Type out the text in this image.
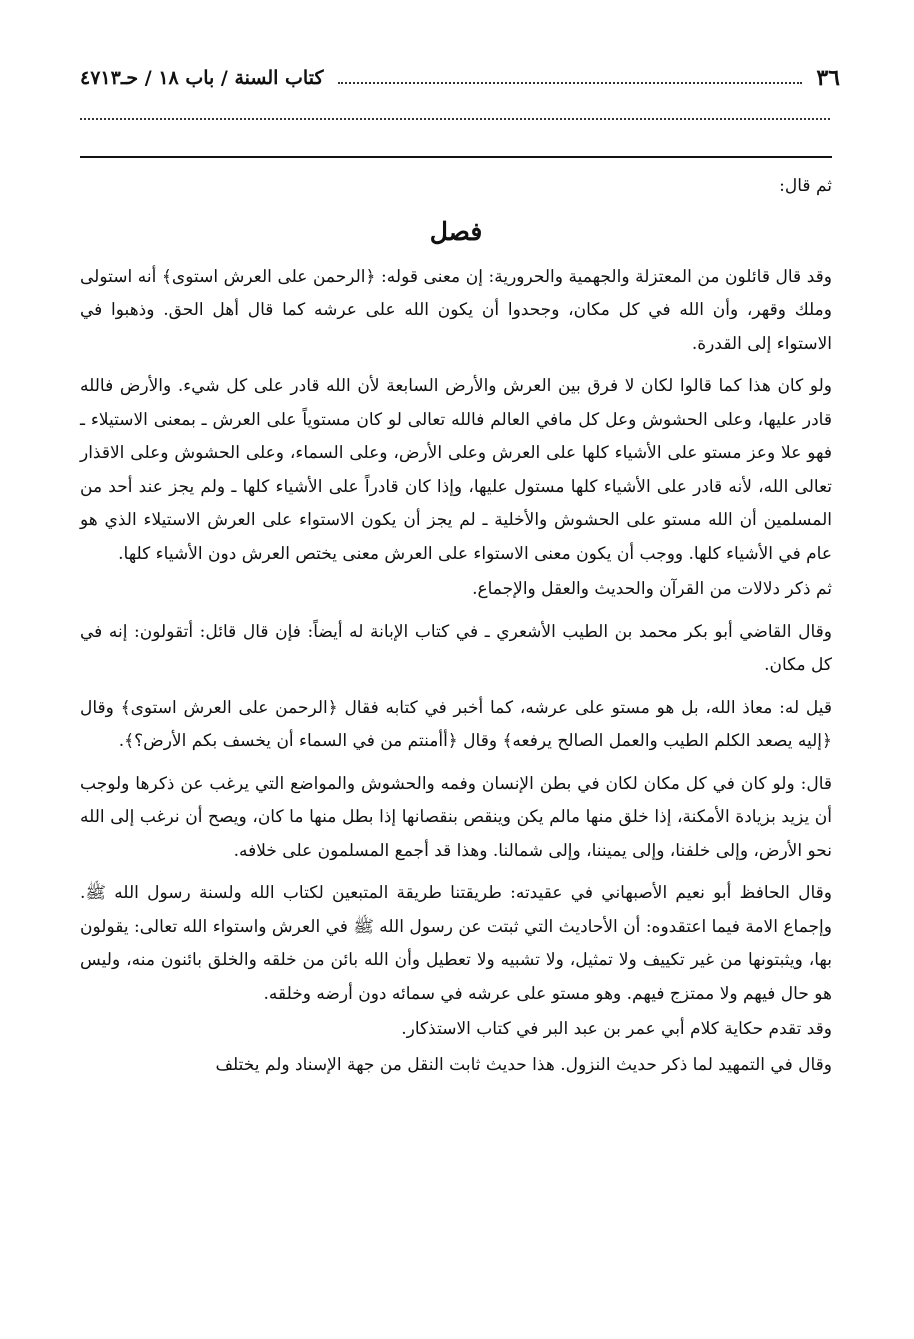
٣٦
كتاب السنة / باب ١٨ / حـ٤٧١٣

ثم قال:

فصل

وقد قال قائلون من المعتزلة والجهمية والحرورية: إن معنى قوله: ﴿الرحمن على العرش استوى﴾ أنه استولى وملك وقهر، وأن الله في كل مكان، وجحدوا أن يكون الله على عرشه كما قال أهل الحق. وذهبوا في الاستواء إلى القدرة.

ولو كان هذا كما قالوا لكان لا فرق بين العرش والأرض السابعة لأن الله قادر على كل شيء. والأرض فالله قادر عليها، وعلى الحشوش وعل كل مافي العالم فالله تعالى لو كان مستوياً على العرش ـ بمعنى الاستيلاء ـ فهو علا وعز مستو على الأشياء كلها على العرش وعلى الأرض، وعلى السماء، وعلى الحشوش وعلى الاقذار تعالى الله، لأنه قادر على الأشياء كلها مستول عليها، وإذا كان قادراً على الأشياء كلها ـ ولم يجز عند أحد من المسلمين أن الله مستو على الحشوش والأخلية ـ لم يجز أن يكون الاستواء على العرش الاستيلاء الذي هو عام في الأشياء كلها. ووجب أن يكون معنى الاستواء على العرش معنى يختص العرش دون الأشياء كلها.

ثم ذكر دلالات من القرآن والحديث والعقل والإجماع.

وقال القاضي أبو بكر محمد بن الطيب الأشعري ـ في كتاب الإبانة له أيضاً: فإن قال قائل: أتقولون: إنه في كل مكان.

قيل له: معاذ الله، بل هو مستو على عرشه، كما أخبر في كتابه فقال ﴿الرحمن على العرش استوى﴾ وقال ﴿إليه يصعد الكلم الطيب والعمل الصالح يرفعه﴾ وقال ﴿أأمنتم من في السماء أن يخسف بكم الأرض؟﴾.

قال: ولو كان في كل مكان لكان في بطن الإنسان وفمه والحشوش والمواضع التي يرغب عن ذكرها ولوجب أن يزيد بزيادة الأمكنة، إذا خلق منها مالم يكن وينقص بنقصانها إذا بطل منها ما كان، ويصح أن نرغب إلى الله نحو الأرض، وإلى خلفنا، وإلى يميننا، وإلى شمالنا. وهذا قد أجمع المسلمون على خلافه.

وقال الحافظ أبو نعيم الأصبهاني في عقيدته: طريقتنا طريقة المتبعين لكتاب الله ولسنة رسول الله ﷺ. وإجماع الامة فيما اعتقدوه: أن الأحاديث التي ثبتت عن رسول الله ﷺ في العرش واستواء الله تعالى: يقولون بها، ويثبتونها من غير تكييف ولا تمثيل، ولا تشبيه ولا تعطيل وأن الله بائن من خلقه والخلق بائنون منه، وليس هو حال فيهم ولا ممتزج فيهم. وهو مستو على عرشه في سمائه دون أرضه وخلقه.

وقد تقدم حكاية كلام أبي عمر بن عبد البر في كتاب الاستذكار.

وقال في التمهيد لما ذكر حديث النزول. هذا حديث ثابت النقل من جهة الإسناد ولم يختلف
